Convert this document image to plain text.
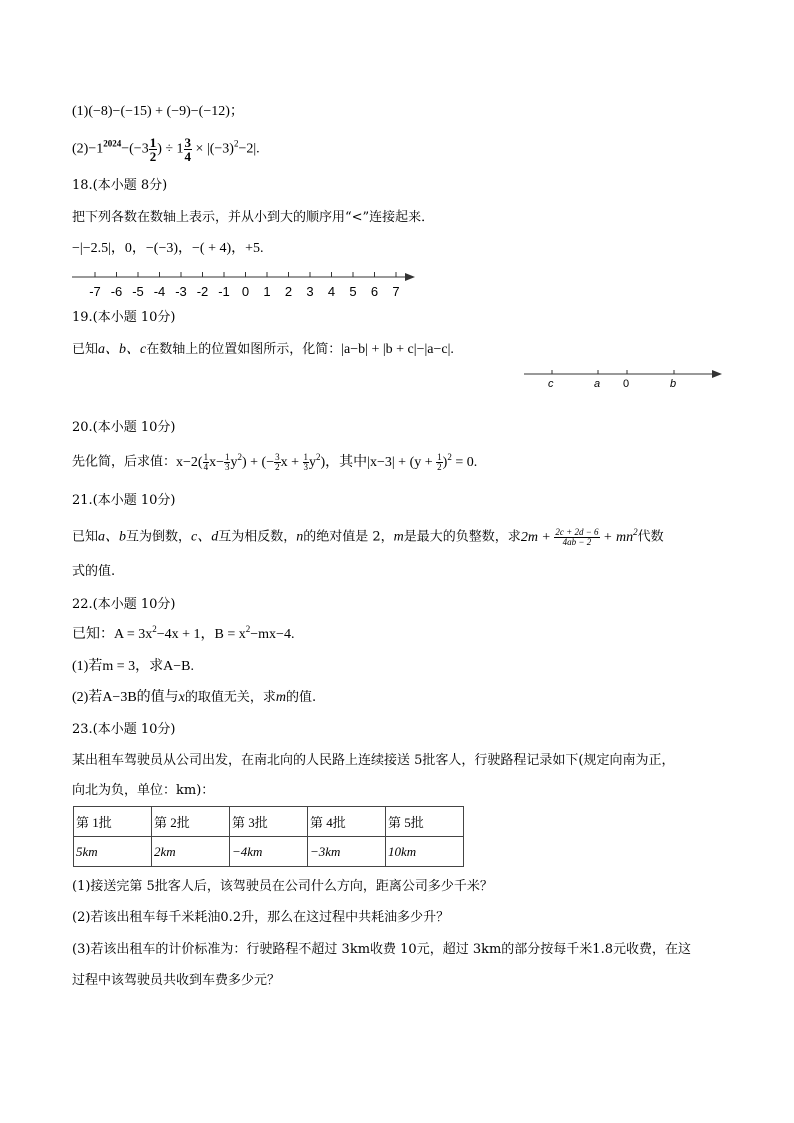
(1)(−8)−(−15) + (−9)−(−12)；
$(2)-1^{2024}-(-3 \frac{1}{2}$ ) ÷ $1 \frac{3}{4} \times |(-3)^2-2|$.
18.(本小题 8分)
把下列各数在数轴上表示，并从小到大的顺序用“<”连接起来．
−|−2.5|，0，−(−3)，−( + 4)，+5.
-7 -6 -5 -4 -3 -2 -1 0 1 2 3 4 5 6 7
19.(本小题 10分)
已知a、b、c在数轴上的位置如图所示，化简：|a−b| + |b + c|−|a−c|.
c	a 0	b
20.(本小题 10分)
先化简，后求值：$x-2( \frac{1}{4} x- \frac{1}{3} y^2)$ + (− $\frac{3}{2}$ $x + \frac{1}{3} y^2$)，其中$|x-3| + (y + \frac{1}{2} )^2 = 0$.
21.(本小题 10分)
已知a、b互为倒数，c、d互为相反数，n的绝对值是 2，m是最大的负整数，求$2m + \frac{2c + 2d - 6}{4ab - 2} + mn^2$代数
式的值.
22.(本小题 10分)
已知：$A = 3x^2-4x + 1$，$B = x^2-mx-4$.
(1)若m = 3，求A−B.
(2)若A−3B的值与x的取值无关，求m的值.
23.(本小题 10分)
某出租车驾驶员从公司出发，在南北向的人民路上连续接送 5批客人，行驶路程记录如下(规定向南为正，
向北为负，单位：km)：
第 1批	第 2批	第 3批	第 4批	第 5批
5km	2km	−4km	−3km	10km
(1)接送完第 5批客人后，该驾驶员在公司什么方向，距离公司多少千米？
(2)若该出租车每千米耗油0.2升，那么在这过程中共耗油多少升？
(3)若该出租车的计价标准为：行驶路程不超过 3km收费 10元，超过 3km的部分按每千米1.8元收费，在这
过程中该驾驶员共收到车费多少元？
